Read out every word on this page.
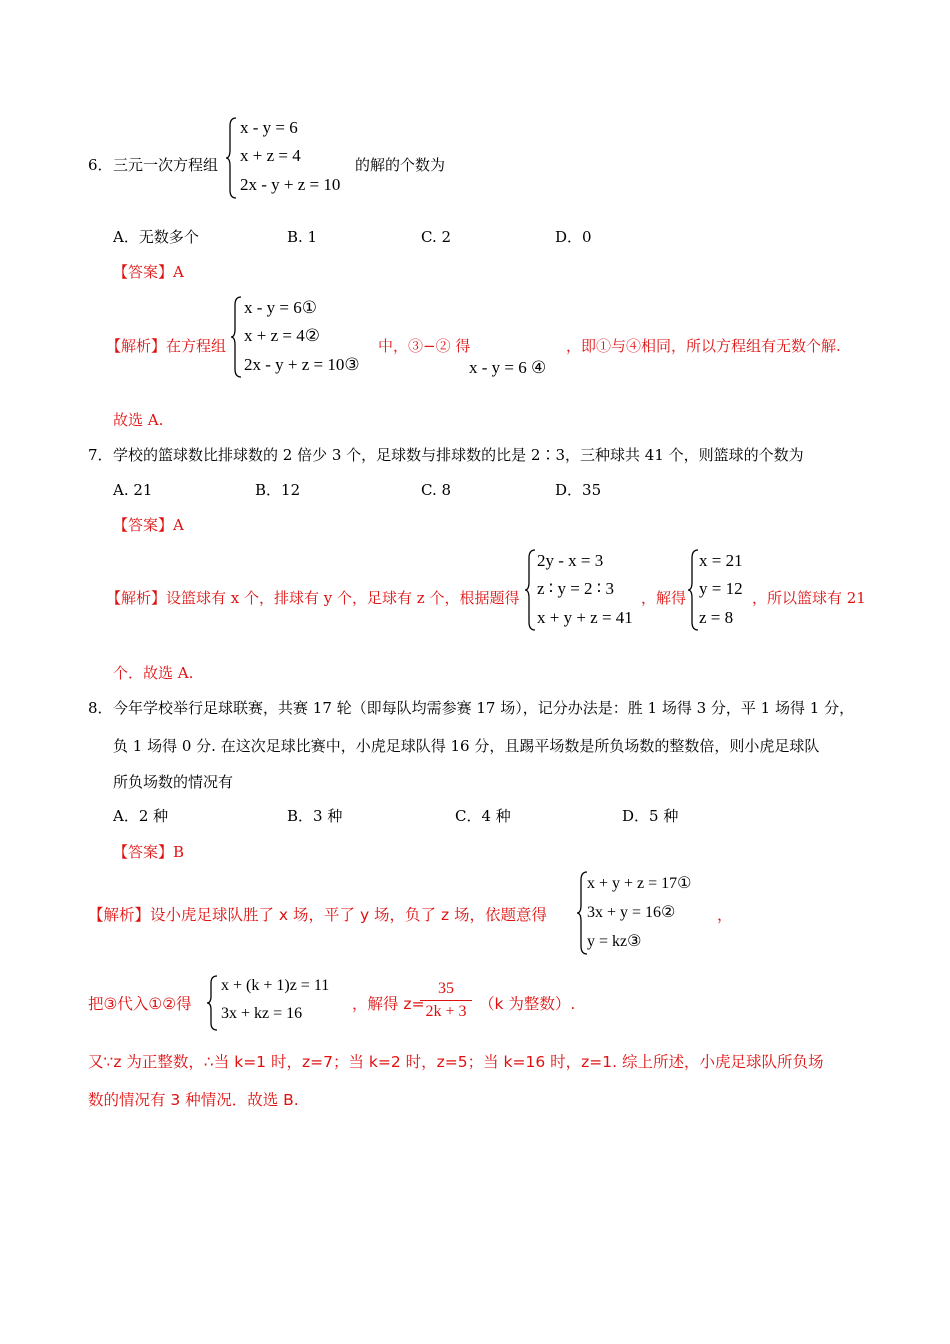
6． 三元一次方程组
x - y = 6
x + z = 4
2x - y + z = 10
的解的个数为
A．无数多个	B. 1	C. 2	D．0
【答案】A
【解析】在方程组
x - y = 6①
x + z = 4②
2x - y + z = 10③
中，③−② 得
x - y = 6 ④
，即①与④相同，所以方程组有无数个解.
故选 A.
7． 学校的篮球数比排球数的 2 倍少 3 个，足球数与排球数的比是 2∶3，三种球共 41 个，则篮球的个数为
A. 21	B．12	C. 8	D．35
【答案】A
【解析】设篮球有 x 个，排球有 y 个，足球有 z 个，根据题得
2y - x = 3
z ∶ y = 2 ∶ 3
x + y + z = 41
，解得
x = 21
y = 12
z = 8
，所以篮球有 21
个．故选 A.
8． 今年学校举行足球联赛，共赛 17 轮（即每队均需参赛 17 场），记分办法是：胜 1 场得 3 分，平 1 场得 1 分，
负 1 场得 0 分. 在这次足球比赛中，小虎足球队得 16 分，且踢平场数是所负场数的整数倍，则小虎足球队
所负场数的情况有
A．2 种	B．3 种	C．4 种	D．5 种
【答案】B
【解析】设小虎足球队胜了 x 场，平了 y 场，负了 z 场，依题意得
x + y + z = 17①
3x + y = 16②
y = kz③
，
把③代入①②得
x + (k + 1)z = 11
3x + kz = 16
，解得 z=
35
2k + 3 （k 为整数）.
又∵z 为正整数，∴当 k=1 时，z=7；当 k=2 时，z=5；当 k=16 时，z=1. 综上所述，小虎足球队所负场
数的情况有 3 种情况．故选 B.
